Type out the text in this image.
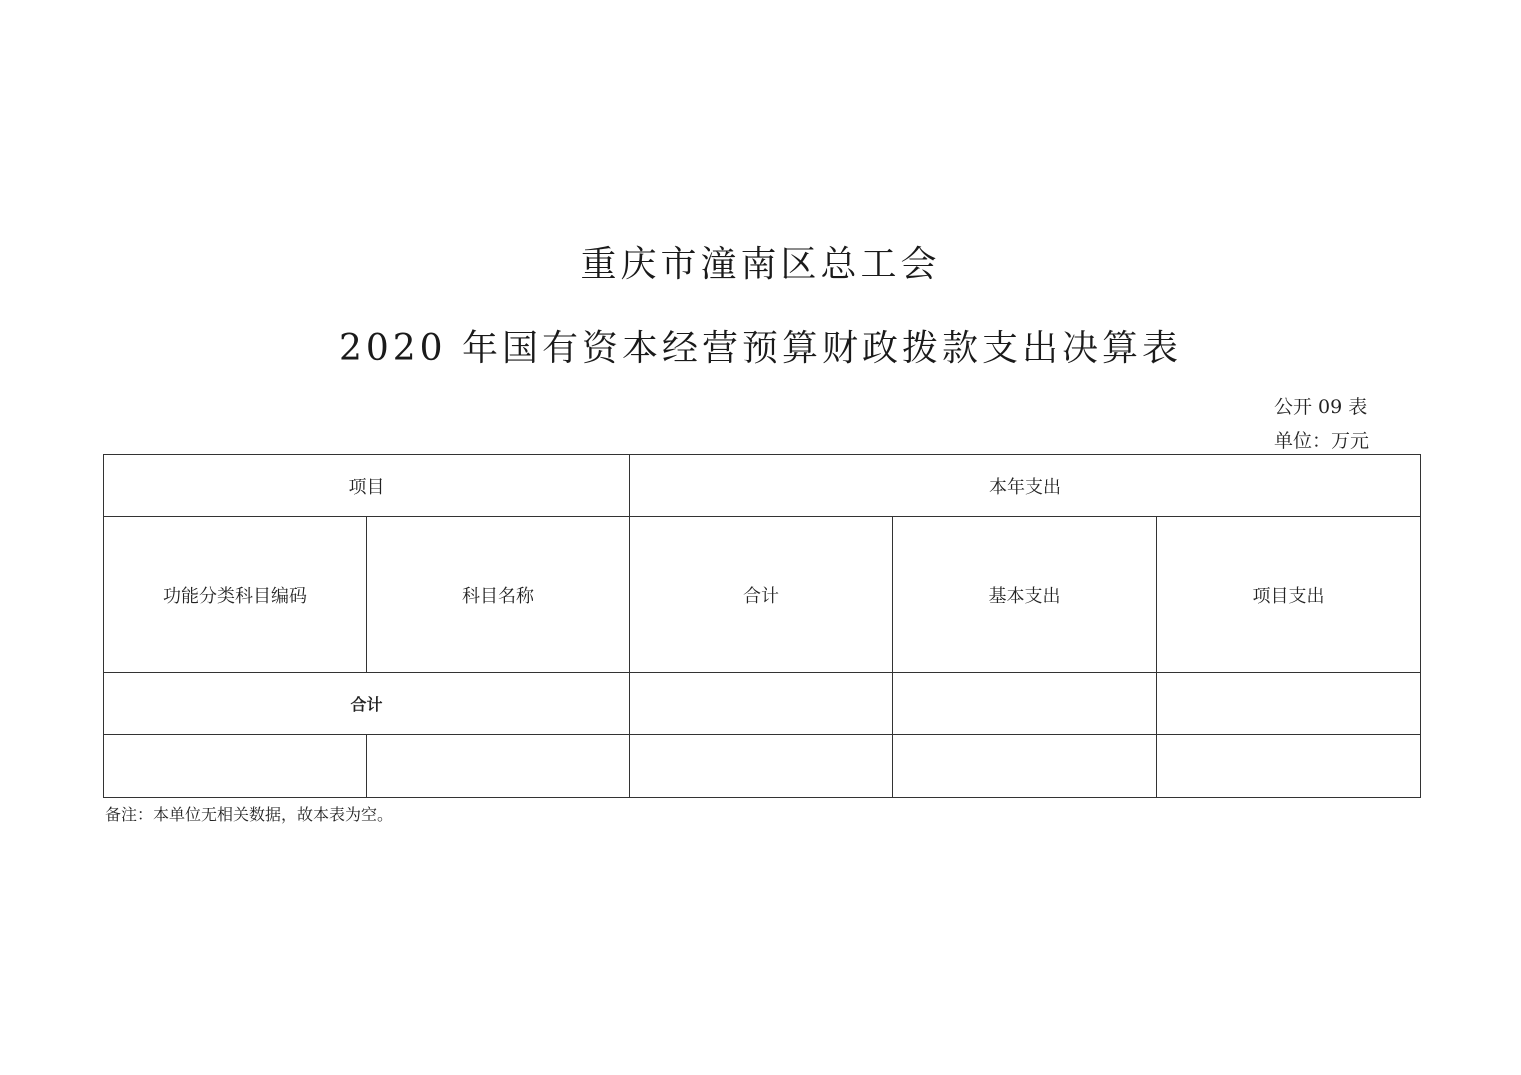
重庆市潼南区总工会
2020 年国有资本经营预算财政拨款支出决算表
公开 09 表
单位：万元
项目		本年支出		
功能分类科目编码	科目名称	合计	基本支出	项目支出
合计				

备注：本单位无相关数据，故本表为空。
